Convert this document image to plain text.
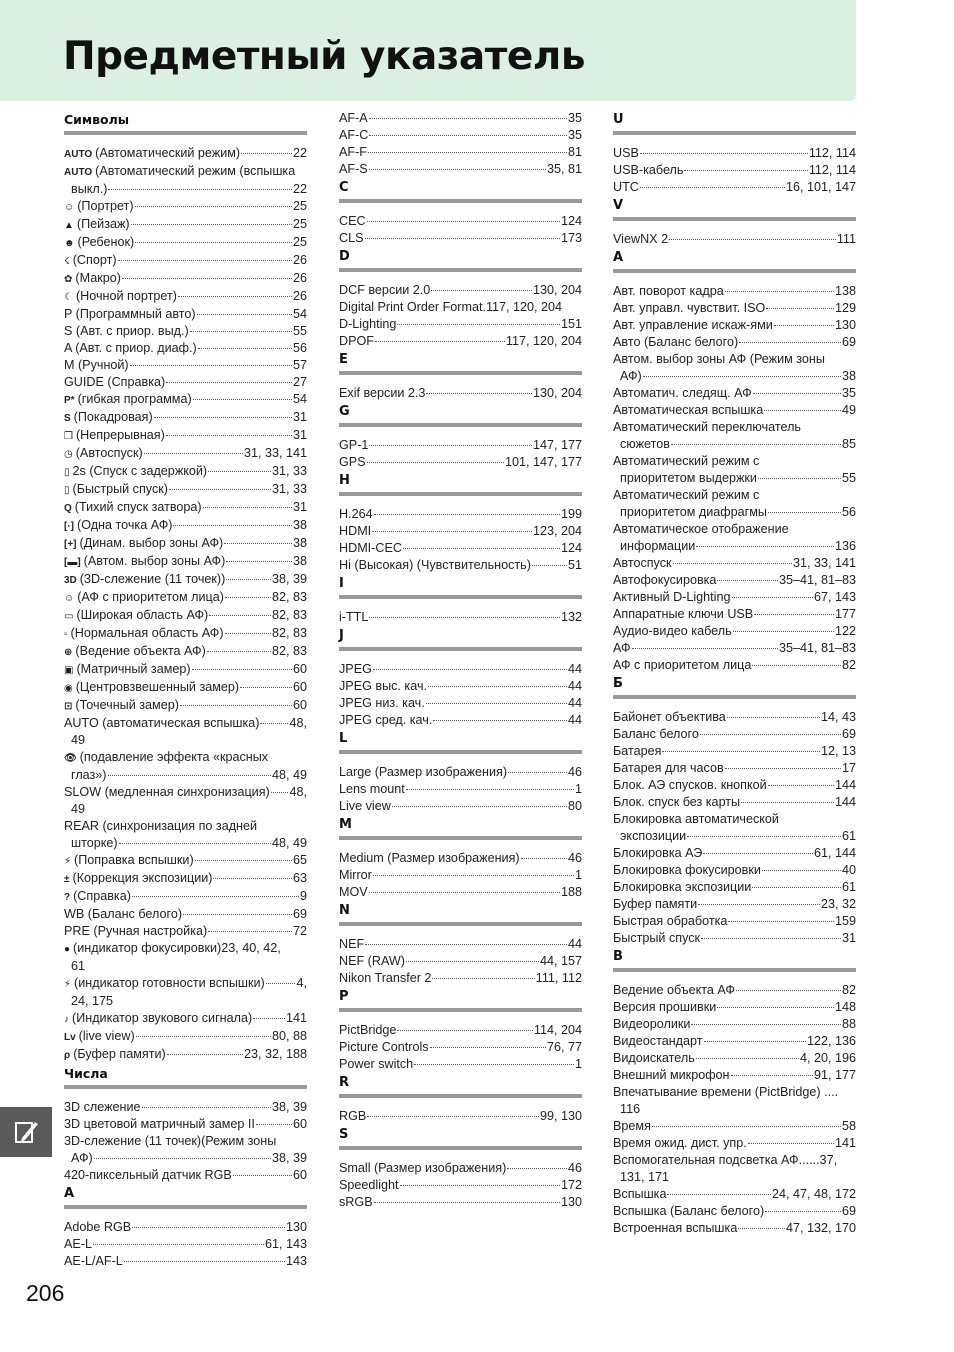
Предметный указатель
Символы
AUTO (Автоматический режим)	22
AUTO (Автоматический режим (вспышка
выкл.)	22
☺ (Портрет)	25
▲ (Пейзаж)	25
☻ (Ребенок)	25
☇ (Спорт)	26
✿ (Макро)	26
☾ (Ночной портрет)	26
P (Программный авто)	54
S (Авт. с приор. выд.)	55
A (Авт. с приор. диаф.)	56
M (Ручной)	57
GUIDE (Справка)	27
P* (гибкая программа)	54
S (Покадровая)	31
❐ (Непрерывная)	31
◷ (Автоспуск)	31, 33, 141
▯ 2s (Спуск с задержкой)	31, 33
▯ (Быстрый спуск)	31, 33
Q (Тихий спуск затвора)	31
[·] (Одна точка АФ)	38
[+] (Динам. выбор зоны АФ)	38
[▬] (Автом. выбор зоны АФ)	38
3D (3D-слежение (11 точек))	38, 39
☺ (АФ с приоритетом лица)	82, 83
▭ (Широкая область АФ)	82, 83
▫ (Нормальная область АФ)	82, 83
⊕ (Ведение объекта АФ)	82, 83
▣ (Матричный замер)	60
◉ (Центровзвешенный замер)	60
⊡ (Точечный замер)	60
AUTO (автоматическая вспышка) 48,
49
👁 (подавление эффекта «красных
глаз»)	48, 49
SLOW (медленная синхронизация) 48,
49
REAR (синхронизация по задней
шторке)	48, 49
⚡ (Поправка вспышки)	65
± (Коррекция экспозиции)	63
? (Справка)	9
WB (Баланс белого)	69
PRE (Ручная настройка)	72
● (индикатор фокусировки)23, 40, 42,
61
⚡ (индикатор готовности вспышки)	4,
24, 175
♪ (Индикатор звукового сигнала)	141
Lv (live view)	80, 88
ρ (Буфер памяти)	23, 32, 188
Числа
3D слежение	38, 39
3D цветовой матричный замер II	60
3D-слежение (11 точек)(Режим зоны
АФ)	38, 39
420-пиксельный датчик RGB	60
A
Adobe RGB	130
AE-L	61, 143
AE-L/AF-L	143
AF-A	35
AF-C	35
AF-F	81
AF-S	35, 81
C
CEC	124
CLS	173
D
DCF версии 2.0	130, 204
Digital Print Order Format.117, 120, 204
D-Lighting	151
DPOF	117, 120, 204
E
Exif версии 2.3	130, 204
G
GP-1	147, 177
GPS	101, 147, 177
H
H.264	199
HDMI	123, 204
HDMI-CEC	124
Hi (Высокая) (Чувствительность)	51
I
i-TTL	132
J
JPEG	44
JPEG выс. кач.	44
JPEG низ. кач.	44
JPEG сред. кач.	44
L
Large (Размер изображения)	46
Lens mount	1
Live view	80
M
Medium (Размер изображения)	46
Mirror	1
MOV	188
N
NEF	44
NEF (RAW)	44, 157
Nikon Transfer 2	111, 112
P
PictBridge	114, 204
Picture Controls	76, 77
Power switch	1
R
RGB	99, 130
S
Small (Размер изображения)	46
Speedlight	172
sRGB	130
U
USB	112, 114
USB-кабель	112, 114
UTC	16, 101, 147
V
ViewNX 2	111
А
Авт. поворот кадра	138
Авт. управл. чувствит. ISO	129
Авт. управление искаж-ями	130
Авто (Баланс белого)	69
Автом. выбор зоны АФ (Режим зоны
АФ)	38
Автоматич. следящ. АФ	35
Автоматическая вспышка	49
Автоматический переключатель
сюжетов	85
Автоматический режим с
приоритетом выдержки	55
Автоматический режим с
приоритетом диафрагмы	56
Автоматическое отображение
информации	136
Автоспуск	31, 33, 141
Автофокусировка	35–41, 81–83
Активный D-Lighting	67, 143
Аппаратные ключи USB	177
Аудио-видео кабель	122
АФ	35–41, 81–83
АФ с приоритетом лица	82
Б
Байонет объектива	14, 43
Баланс белого	69
Батарея	12, 13
Батарея для часов	17
Блок. АЭ спусков. кнопкой	144
Блок. спуск без карты	144
Блокировка автоматической
экспозиции	61
Блокировка АЭ	61, 144
Блокировка фокусировки	40
Блокировка экспозиции	61
Буфер памяти	23, 32
Быстрая обработка	159
Быстрый спуск	31
В
Ведение объекта АФ	82
Версия прошивки	148
Видеоролики	88
Видеостандарт	122, 136
Видоискатель	4, 20, 196
Внешний микрофон	91, 177
Впечатывание времени (PictBridge) ....
116
Время	58
Время ожид. дист. упр.	141
Вспомогательная подсветка АФ......37,
131, 171
Вспышка	24, 47, 48, 172
Вспышка (Баланс белого)	69
Встроенная вспышка	47, 132, 170
206
